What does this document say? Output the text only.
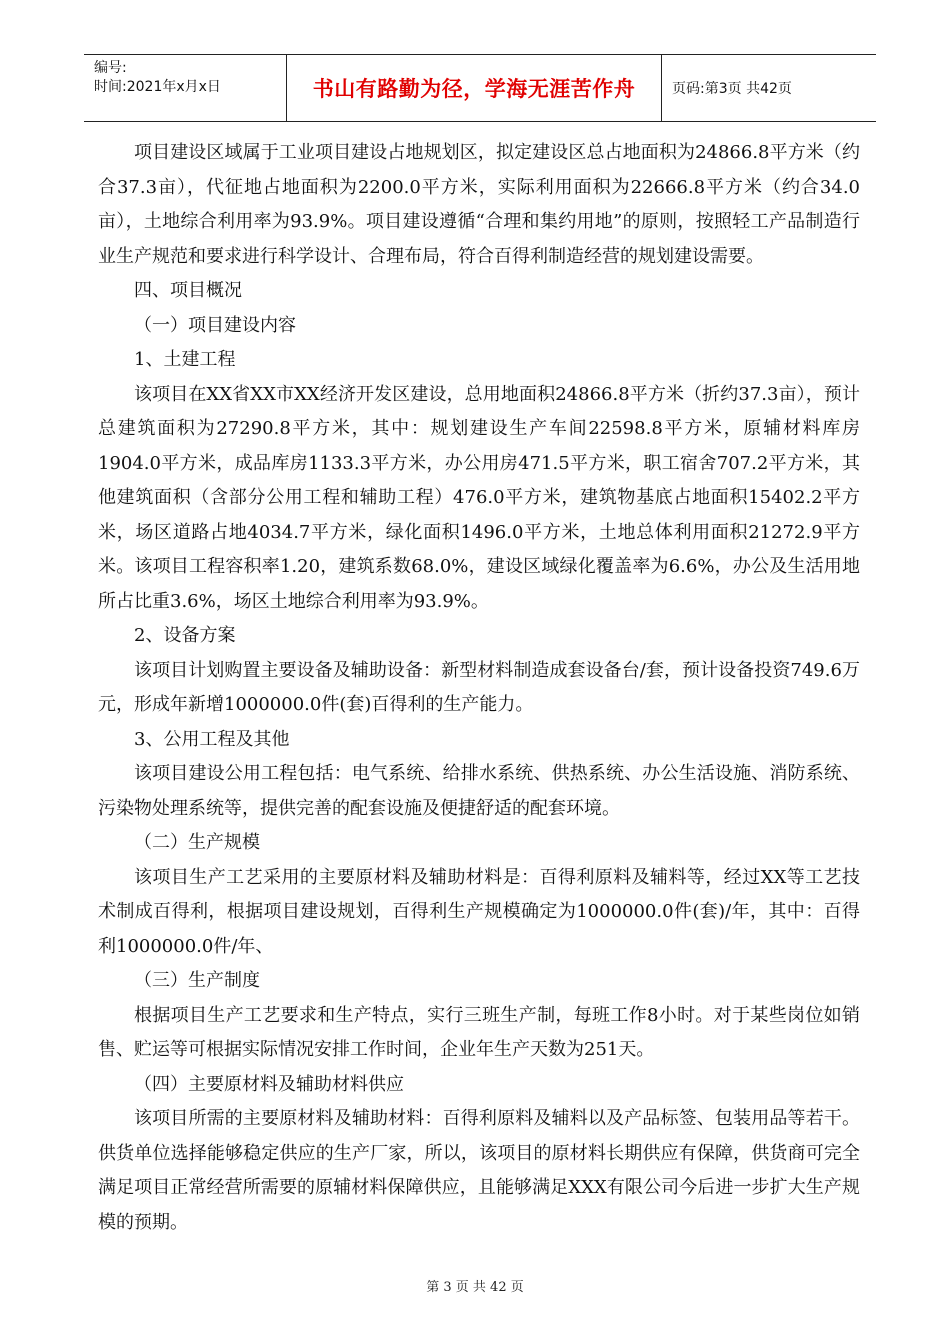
编号:
时间:2021年x月x日	书山有路勤为径，学海无涯苦作舟	页码:第3页 共42页

项目建设区域属于工业项目建设占地规划区，拟定建设区总占地面积为24866.8平方米（约合37.3亩），代征地占地面积为2200.0平方米，实际利用面积为22666.8平方米（约合34.0亩），土地综合利用率为93.9%。项目建设遵循“合理和集约用地”的原则，按照轻工产品制造行业生产规范和要求进行科学设计、合理布局，符合百得利制造经营的规划建设需要。

四、项目概况

（一）项目建设内容

1、土建工程

该项目在XX省XX市XX经济开发区建设，总用地面积24866.8平方米（折约37.3亩），预计总建筑面积为27290.8平方米，其中：规划建设生产车间22598.8平方米，原辅材料库房1904.0平方米，成品库房1133.3平方米，办公用房471.5平方米，职工宿舍707.2平方米，其他建筑面积（含部分公用工程和辅助工程）476.0平方米，建筑物基底占地面积15402.2平方米，场区道路占地4034.7平方米，绿化面积1496.0平方米，土地总体利用面积21272.9平方米。该项目工程容积率1.20，建筑系数68.0%，建设区域绿化覆盖率为6.6%，办公及生活用地所占比重3.6%，场区土地综合利用率为93.9%。

2、设备方案

该项目计划购置主要设备及辅助设备：新型材料制造成套设备台/套，预计设备投资749.6万元，形成年新增1000000.0件(套)百得利的生产能力。

3、公用工程及其他

该项目建设公用工程包括：电气系统、给排水系统、供热系统、办公生活设施、消防系统、污染物处理系统等，提供完善的配套设施及便捷舒适的配套环境。

（二）生产规模

该项目生产工艺采用的主要原材料及辅助材料是：百得利原料及辅料等，经过XX等工艺技术制成百得利，根据项目建设规划，百得利生产规模确定为1000000.0件(套)/年，其中：百得利1000000.0件/年、

（三）生产制度

根据项目生产工艺要求和生产特点，实行三班生产制，每班工作8小时。对于某些岗位如销售、贮运等可根据实际情况安排工作时间，企业年生产天数为251天。

（四）主要原材料及辅助材料供应

该项目所需的主要原材料及辅助材料：百得利原料及辅料以及产品标签、包装用品等若干。供货单位选择能够稳定供应的生产厂家，所以，该项目的原材料长期供应有保障，供货商可完全满足项目正常经营所需要的原辅材料保障供应，且能够满足XXX有限公司今后进一步扩大生产规模的预期。

第 3 页 共 42 页
